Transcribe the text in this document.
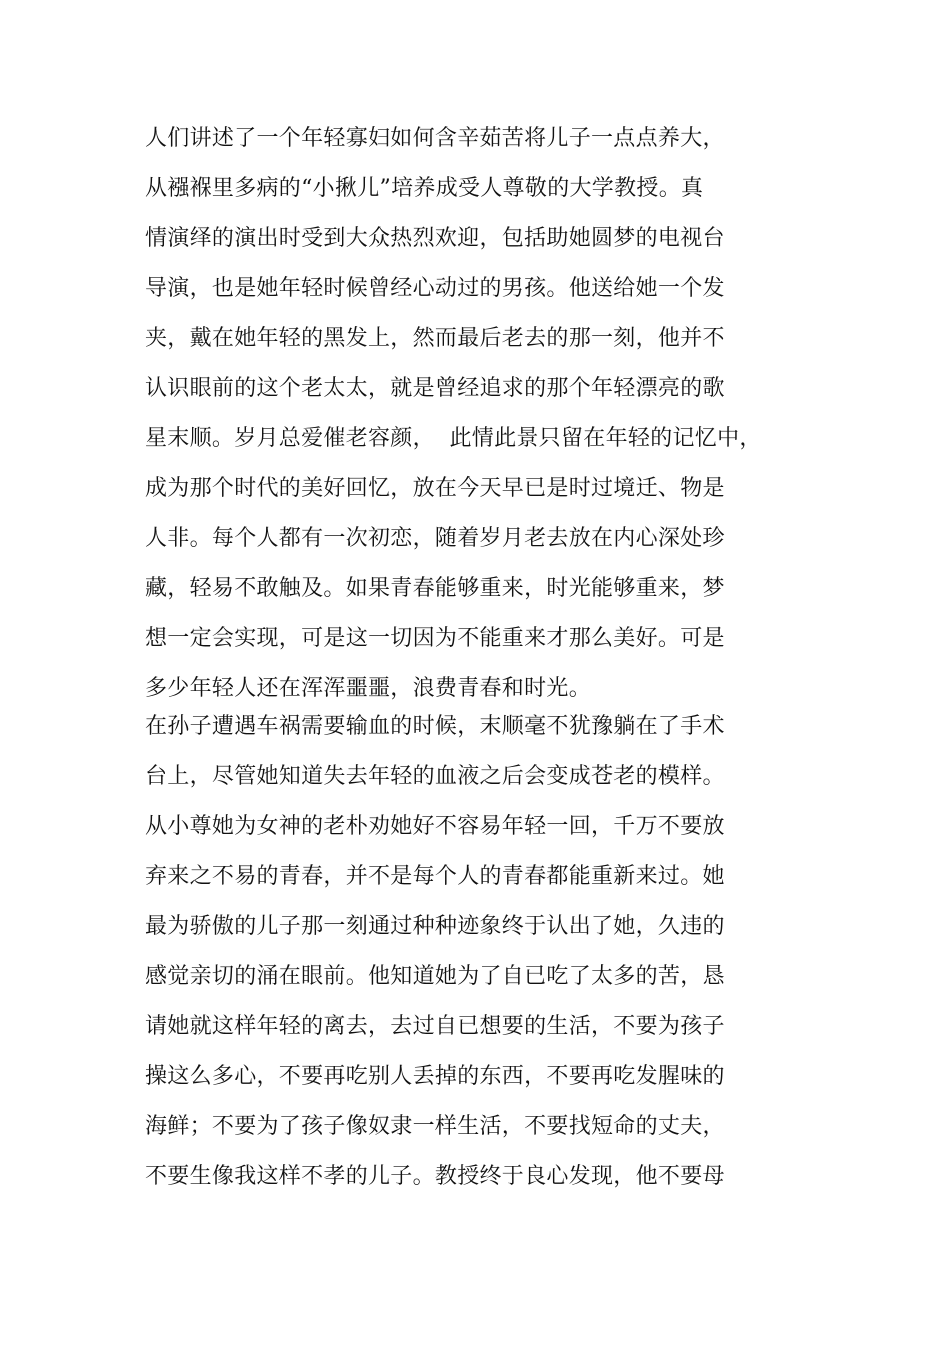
人们讲述了一个年轻寡妇如何含辛茹苦将儿子一点点养大，
从襁褓里多病的“小揪儿”培养成受人尊敬的大学教授。真
情演绎的演出时受到大众热烈欢迎，包括助她圆梦的电视台
导演，也是她年轻时候曾经心动过的男孩。他送给她一个发
夹，戴在她年轻的黑发上，然而最后老去的那一刻，他并不
认识眼前的这个老太太，就是曾经追求的那个年轻漂亮的歌
星末顺。岁月总爱催老容颜，  此情此景只留在年轻的记忆中，
成为那个时代的美好回忆，放在今天早已是时过境迁、物是
人非。每个人都有一次初恋，随着岁月老去放在内心深处珍
藏，轻易不敢触及。如果青春能够重来，时光能够重来，梦
想一定会实现，可是这一切因为不能重来才那么美好。可是
多少年轻人还在浑浑噩噩，浪费青春和时光。
在孙子遭遇车祸需要输血的时候，末顺毫不犹豫躺在了手术
台上，尽管她知道失去年轻的血液之后会变成苍老的模样。
从小尊她为女神的老朴劝她好不容易年轻一回，千万不要放
弃来之不易的青春，并不是每个人的青春都能重新来过。她
最为骄傲的儿子那一刻通过种种迹象终于认出了她，久违的
感觉亲切的涌在眼前。他知道她为了自已吃了太多的苦，恳
请她就这样年轻的离去，去过自已想要的生活，不要为孩子
操这么多心，不要再吃别人丢掉的东西，不要再吃发腥味的
海鲜；不要为了孩子像奴隶一样生活，不要找短命的丈夫，
不要生像我这样不孝的儿子。教授终于良心发现，他不要母
